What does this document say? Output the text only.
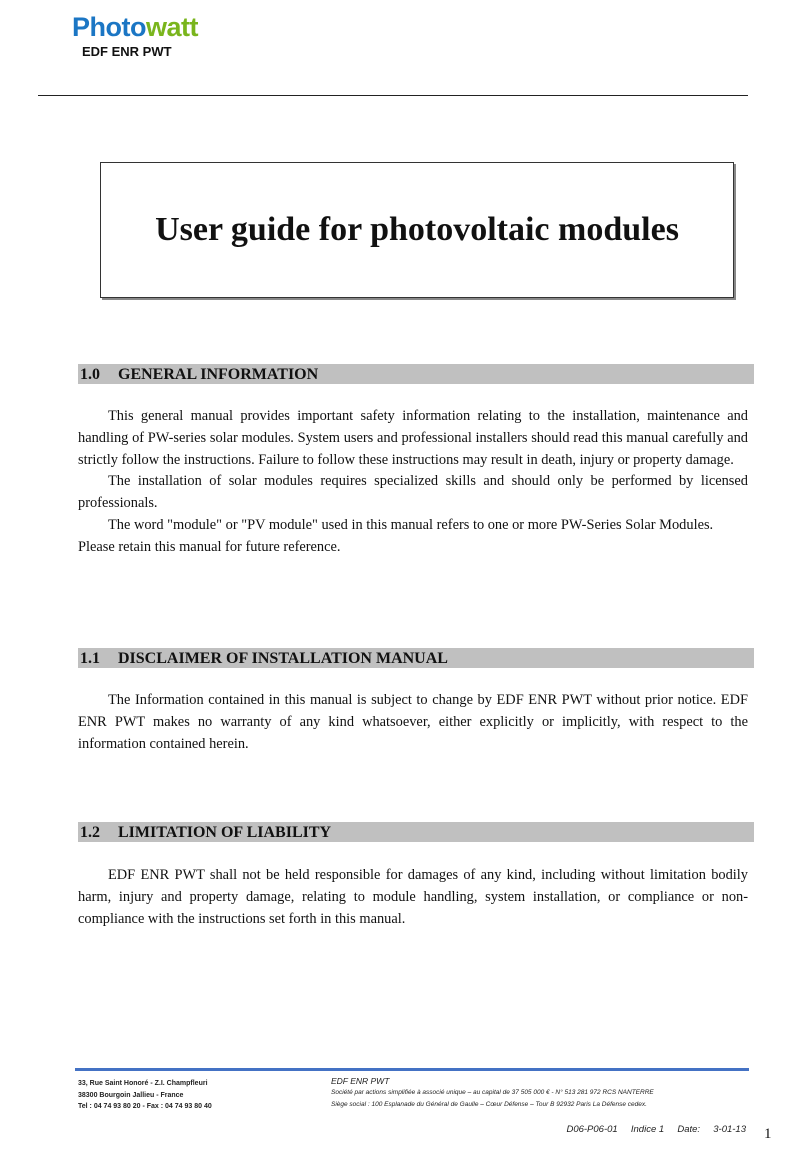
Photowatt
EDF ENR PWT
User guide for photovoltaic modules
1.0 GENERAL INFORMATION

This general manual provides important safety information relating to the installation, maintenance and handling of PW-series solar modules. System users and professional installers should read this manual carefully and strictly follow the instructions. Failure to follow these instructions may result in death, injury or property damage.

The installation of solar modules requires specialized skills and should only be performed by licensed professionals.

The word "module" or "PV module" used in this manual refers to one or more PW-Series Solar Modules.

Please retain this manual for future reference.

1.1 DISCLAIMER OF INSTALLATION MANUAL

The Information contained in this manual is subject to change by EDF ENR PWT without prior notice. EDF ENR PWT makes no warranty of any kind whatsoever, either explicitly or implicitly, with respect to the information contained herein.

1.2 LIMITATION OF LIABILITY

EDF ENR PWT shall not be held responsible for damages of any kind, including without limitation bodily harm, injury and property damage, relating to module handling, system installation, or compliance or non-compliance with the instructions set forth in this manual.

33, Rue Saint Honoré - Z.I. Champfleuri
38300 Bourgoin Jallieu - France
Tel : 04 74 93 80 20 - Fax : 04 74 93 80 40
EDF ENR PWT
Société par actions simplifiée à associé unique – au capital de 37 505 000 € - N° 513 281 972 RCS NANTERRE
Siège social : 100 Esplanade du Général de Gaulle – Cœur Défense – Tour B 92932 Paris La Défense cedex.
D06-P06-01     Indice 1     Date:     3-01-13 1
